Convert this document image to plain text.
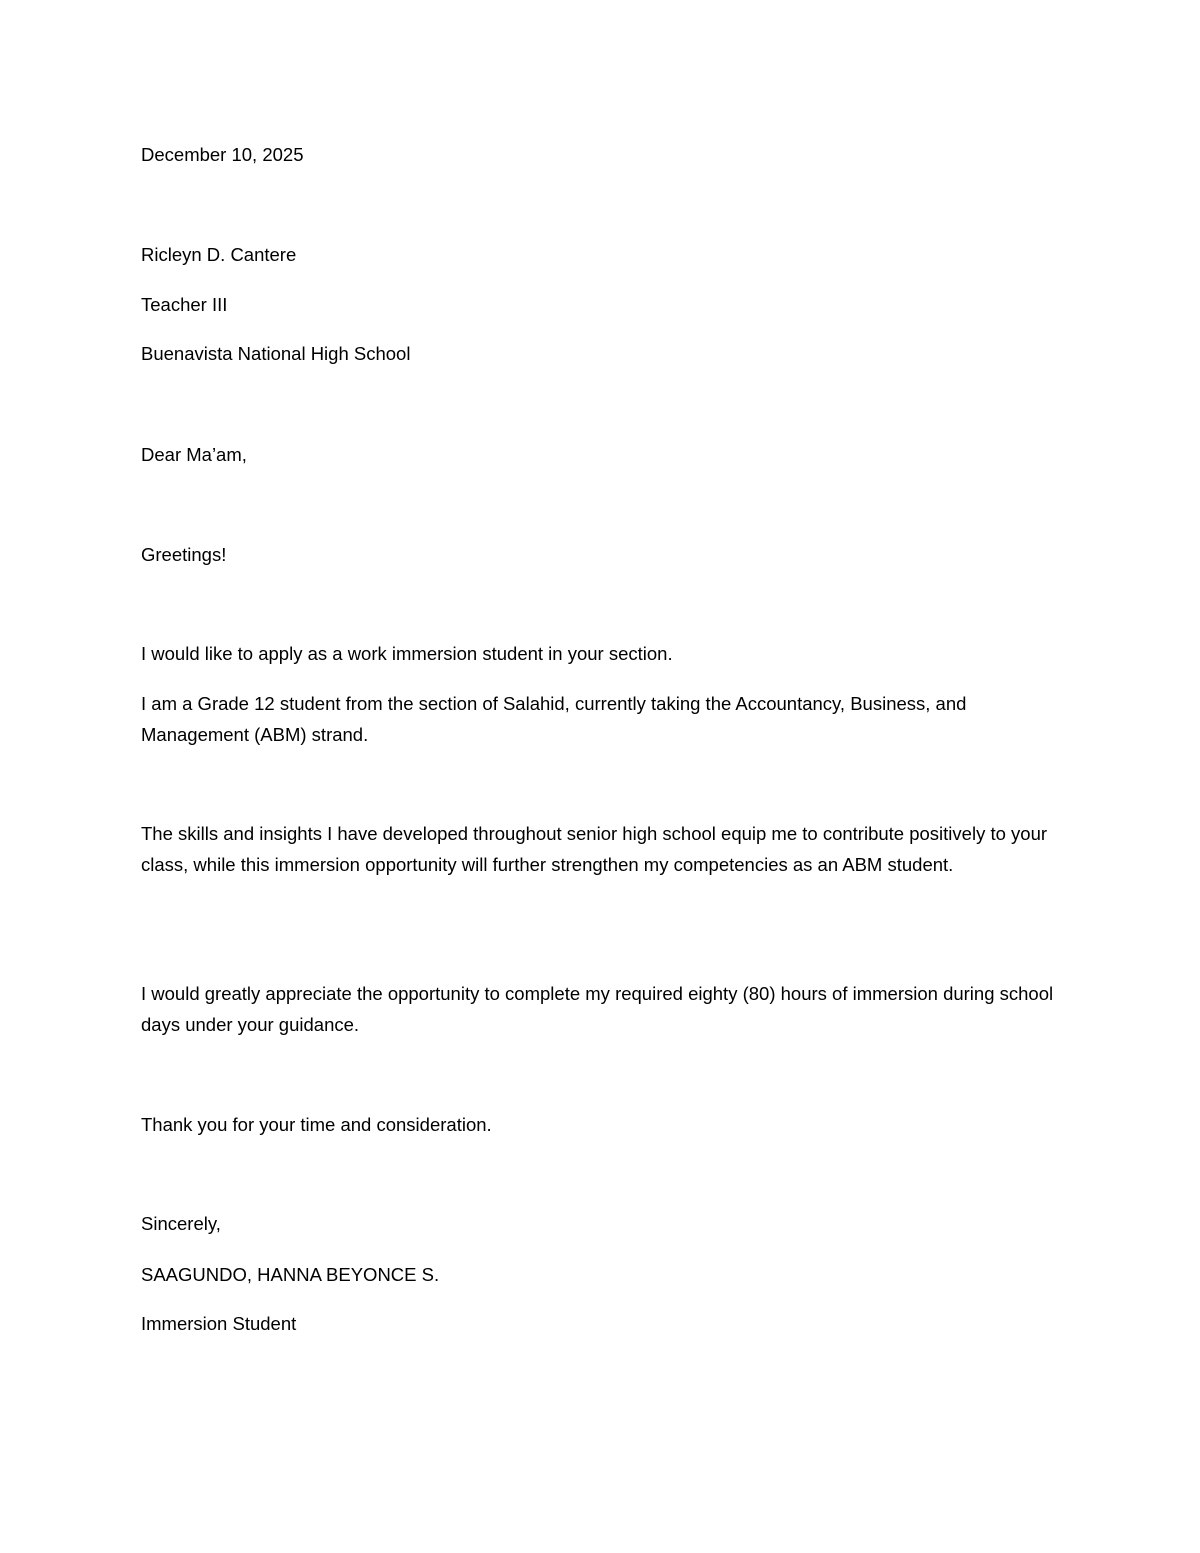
December 10, 2025

Ricleyn D. Cantere

Teacher III

Buenavista National High School

Dear Ma’am,

Greetings!

I would like to apply as a work immersion student in your section.

I am a Grade 12 student from the section of Salahid, currently taking the Accountancy, Business, and Management (ABM) strand.

The skills and insights I have developed throughout senior high school equip me to contribute positively to your class, while this immersion opportunity will further strengthen my competencies as an ABM student.

I would greatly appreciate the opportunity to complete my required eighty (80) hours of immersion during school days under your guidance.

Thank you for your time and consideration.

Sincerely,

SAAGUNDO, HANNA BEYONCE S.

Immersion Student
